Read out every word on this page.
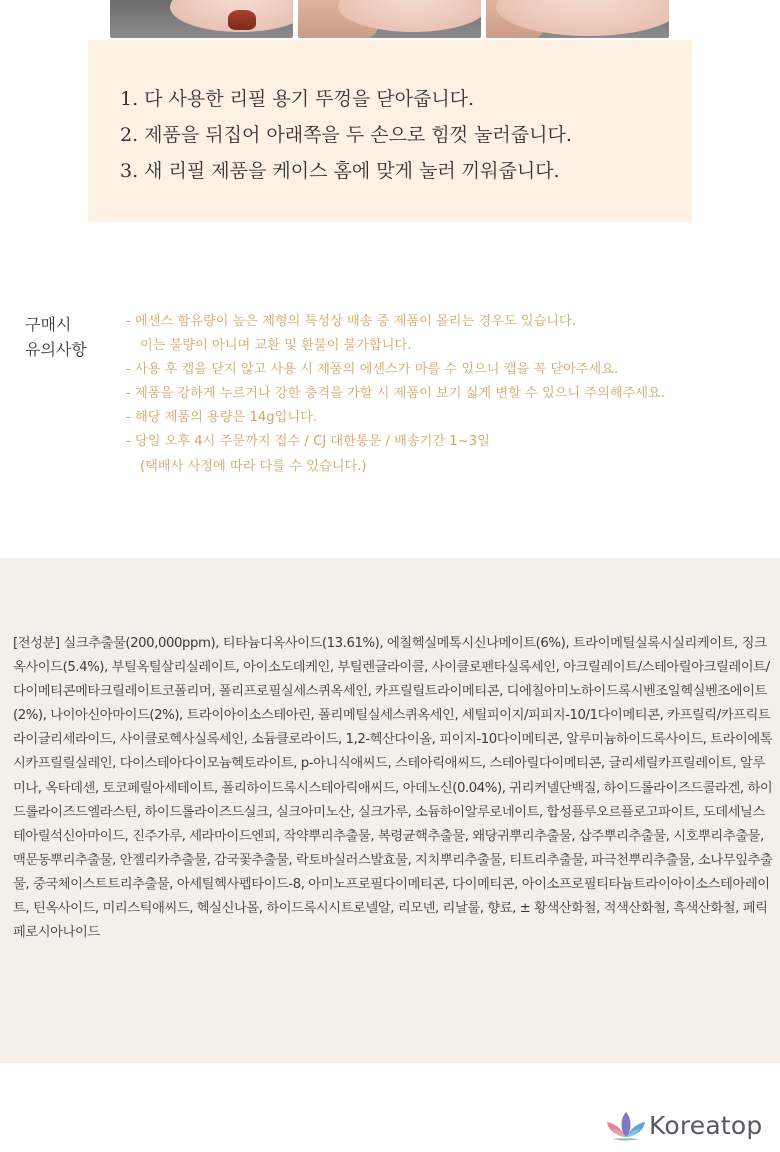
1. 다 사용한 리필 용기 뚜껑을 닫아줍니다.
2. 제품을 뒤집어 아래쪽을 두 손으로 힘껏 눌러줍니다.
3. 새 리필 제품을 케이스 홈에 맞게 눌러 끼워줍니다.
구매시
유의사항
- 에센스 함유량이 높은 제형의 특성상 배송 중 제품이 몰리는 경우도 있습니다.
이는 불량이 아니며 교환 및 환불이 불가합니다.
- 사용 후 캡을 닫지 않고 사용 시 제품의 에센스가 마를 수 있으니 캡을 꼭 닫아주세요.
- 제품을 강하게 누르거나 강한 충격을 가할 시 제품이 보기 싫게 변할 수 있으니 주의해주세요.
- 해당 제품의 용량은 14g입니다.
- 당일 오후 4시 주문까지 접수 / CJ 대한통운 / 배송기간 1~3일
(택배사 사정에 따라 다를 수 있습니다.)
[전성분] 실크추출물(200,000ppm), 티타늄디옥사이드(13.61%), 에칠헥실메톡시신나메이트(6%), 트라이메틸실록시실리케이트, 징크옥사이드(5.4%), 부틸옥틸살리실레이트, 아이소도데케인, 부틸렌글라이콜, 사이클로펜타실록세인, 아크릴레이트/스테아릴아크릴레이트/다이메티콘메타크릴레이트코폴리머, 폴리프로필실세스퀴옥세인, 카프릴릴트라이메티콘, 디에칠아미노하이드록시벤조일헥실벤조에이트(2%), 나이아신아마이드(2%), 트라이아이소스테아린, 폴리메틸실세스퀴옥세인, 세틸피이지/피피지-10/1다이메티콘, 카프릴릭/카프릭트라이글리세라이드, 사이클로헥사실록세인, 소듐클로라이드, 1,2-헥산다이올, 피이지-10다이메티콘, 알루미늄하이드록사이드, 트라이에톡시카프릴릴실레인, 다이스테아다이모늄헥토라이트, p-아니식애씨드, 스테아릭애씨드, 스테아릴다이메티콘, 글리세릴카프릴레이트, 알루미나, 옥타데센, 토코페릴아세테이트, 폴리하이드록시스테아릭애씨드, 아데노신(0.04%), 귀리커넬단백질, 하이드롤라이즈드콜라겐, 하이드롤라이즈드엘라스틴, 하이드롤라이즈드실크, 실크아미노산, 실크가루, 소듐하이알루로네이트, 합성플루오르플로고파이트, 도데세닐스테아릴석신아마이드, 진주가루, 세라마이드엔피, 작약뿌리추출물, 복령균핵추출물, 왜당귀뿌리추출물, 삽주뿌리추출물, 시호뿌리추출물, 맥문동뿌리추출물, 안젤리카추출물, 감국꽃추출물, 락토바실러스발효물, 지치뿌리추출물, 티트리추출물, 파극천뿌리추출물, 소나무잎추출물, 중국체이스트트리추출물, 아세틸헥사펩타이드-8, 아미노프로필다이메티콘, 다이메티콘, 아이소프로필티타늄트라이아이소스테아레이트, 틴옥사이드, 미리스틱애씨드, 헥실신나몰, 하이드록시시트로넬알, 리모넨, 리날룰, 향료, ± 황색산화철, 적색산화철, 흑색산화철, 페릭페로시아나이드
Koreatop
